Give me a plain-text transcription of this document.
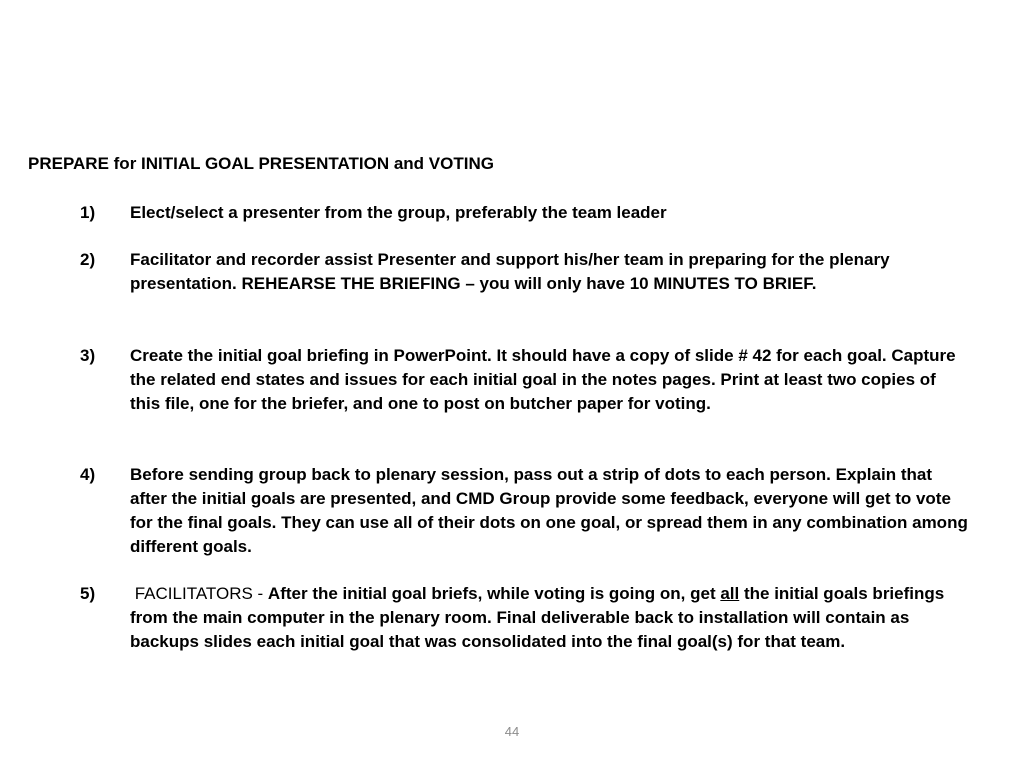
PREPARE for INITIAL GOAL PRESENTATION and VOTING
1) Elect/select a presenter from the group, preferably the team leader
2) Facilitator and recorder assist Presenter and support his/her team in preparing for the plenary presentation. REHEARSE THE BRIEFING – you will only have 10 MINUTES TO BRIEF.
3) Create the initial goal briefing in PowerPoint. It should have a copy of slide # 42 for each goal. Capture the related end states and issues for each initial goal in the notes pages. Print at least two copies of this file, one for the briefer, and one to post on butcher paper for voting.
4) Before sending group back to plenary session, pass out a strip of dots to each person. Explain that after the initial goals are presented, and CMD Group provide some feedback, everyone will get to vote for the final goals. They can use all of their dots on one goal, or spread them in any combination among different goals.
5) FACILITATORS - After the initial goal briefs, while voting is going on, get all the initial goals briefings from the main computer in the plenary room. Final deliverable back to installation will contain as backups slides each initial goal that was consolidated into the final goal(s) for that team.
44
